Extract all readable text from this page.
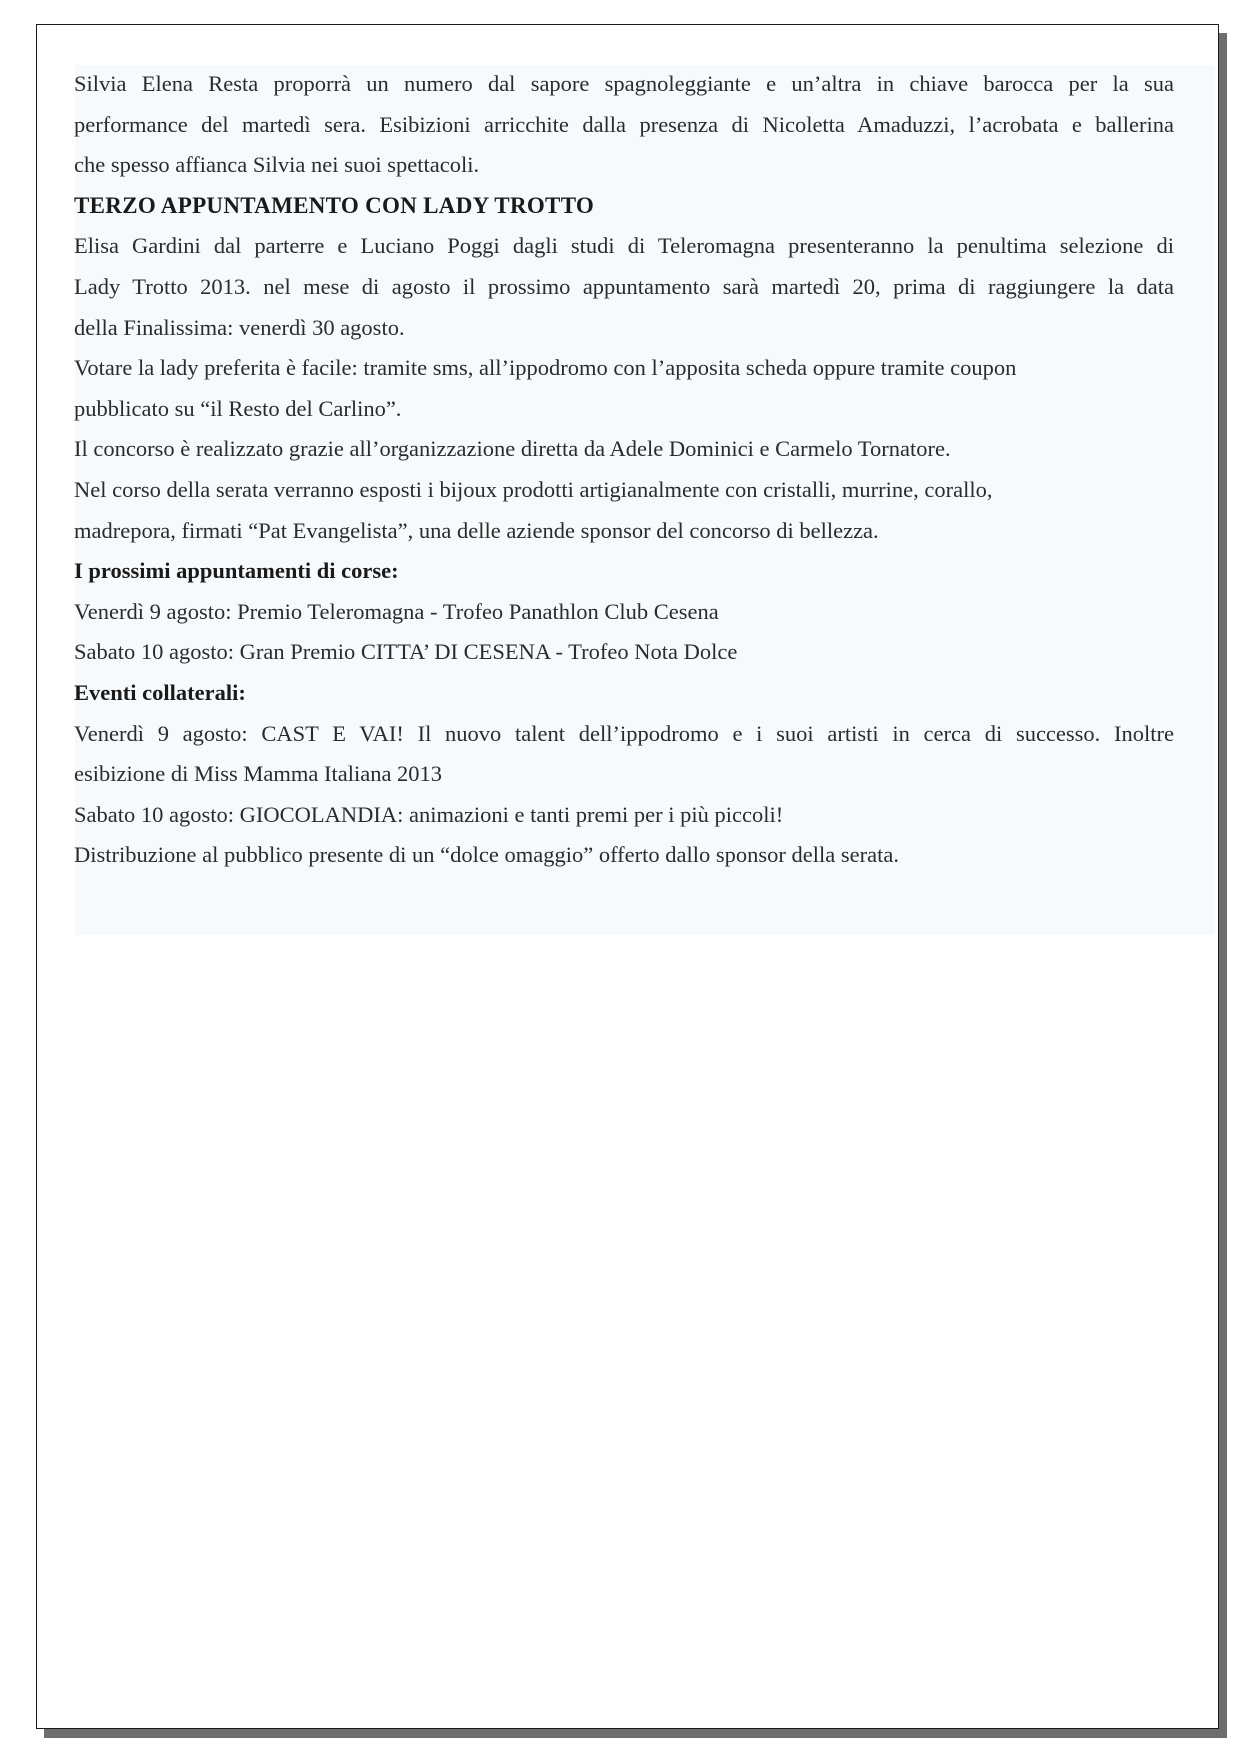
Silvia Elena Resta proporrà un numero dal sapore spagnoleggiante e un’altra in chiave barocca per la sua

performance del martedì sera. Esibizioni arricchite dalla presenza di Nicoletta Amaduzzi, l’acrobata e ballerina

che spesso affianca Silvia nei suoi spettacoli.

TERZO APPUNTAMENTO CON LADY TROTTO

Elisa Gardini dal parterre e Luciano Poggi dagli studi di Teleromagna presenteranno la penultima selezione di

Lady Trotto 2013. nel mese di agosto il prossimo appuntamento sarà martedì 20, prima di raggiungere la data

della Finalissima: venerdì 30 agosto.

Votare la lady preferita è facile: tramite sms, all’ippodromo con l’apposita scheda oppure tramite coupon

pubblicato su “il Resto del Carlino”.

Il concorso è realizzato grazie all’organizzazione diretta da Adele Dominici e Carmelo Tornatore.

Nel corso della serata verranno esposti i bijoux prodotti artigianalmente con cristalli, murrine, corallo,

madrepora, firmati “Pat Evangelista”, una delle aziende sponsor del concorso di bellezza.

I prossimi appuntamenti di corse:

Venerdì 9 agosto: Premio Teleromagna - Trofeo Panathlon Club Cesena

Sabato 10 agosto: Gran Premio CITTA’ DI CESENA - Trofeo Nota Dolce

Eventi collaterali:

Venerdì 9 agosto: CAST E VAI! Il nuovo talent dell’ippodromo e i suoi artisti in cerca di successo. Inoltre

esibizione di Miss Mamma Italiana 2013

Sabato 10 agosto: GIOCOLANDIA: animazioni e tanti premi per i più piccoli!

Distribuzione al pubblico presente di un “dolce omaggio” offerto dallo sponsor della serata.
